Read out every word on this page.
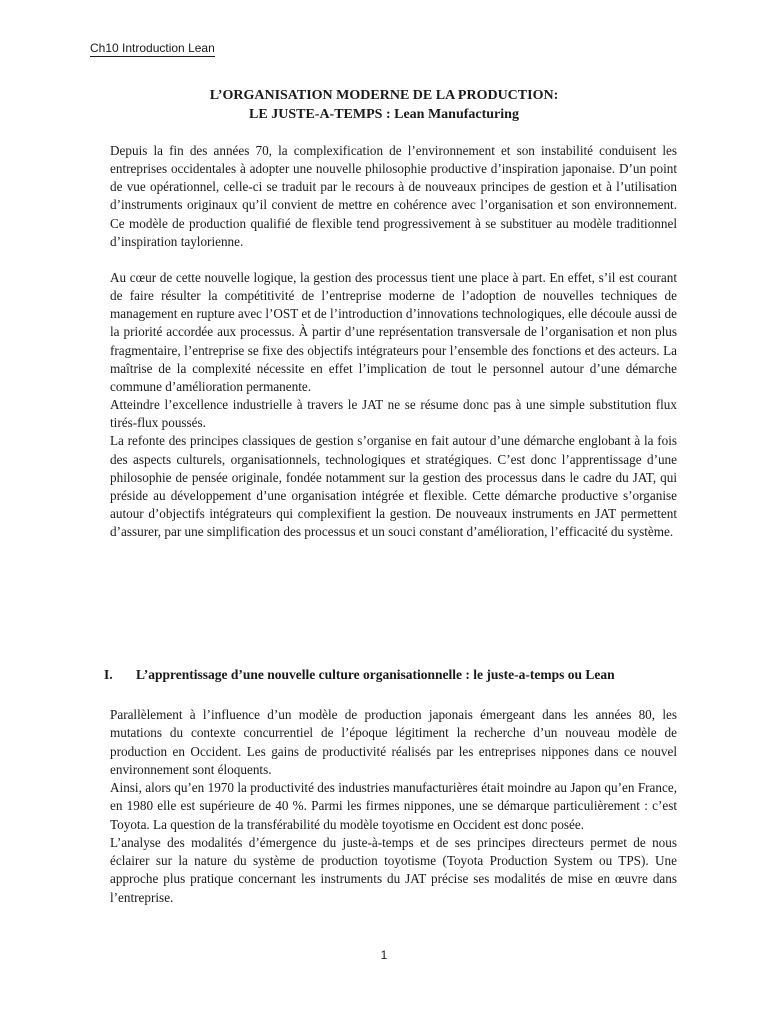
Ch10 Introduction Lean
L’ORGANISATION MODERNE DE LA PRODUCTION:
LE JUSTE-A-TEMPS : Lean Manufacturing

Depuis la fin des années 70, la complexification de l’environnement et son instabilité conduisent les entreprises occidentales à adopter une nouvelle philosophie productive d’inspiration japonaise. D’un point de vue opérationnel, celle-ci se traduit par le recours à de nouveaux principes de gestion et à l’utilisation d’instruments originaux qu’il convient de mettre en cohérence avec l’organisation et son environnement. Ce modèle de production qualifié de flexible tend progressivement à se substituer au modèle traditionnel d’inspiration taylorienne.

Au cœur de cette nouvelle logique, la gestion des processus tient une place à part. En effet, s’il est courant de faire résulter la compétitivité de l’entreprise moderne de l’adoption de nouvelles techniques de management en rupture avec l’OST et de l’introduction d’innovations technologiques, elle découle aussi de la priorité accordée aux processus. À partir d’une représentation transversale de l’organisation et non plus fragmentaire, l’entreprise se fixe des objectifs intégrateurs pour l’ensemble des fonctions et des acteurs. La maîtrise de la complexité nécessite en effet l’implication de tout le personnel autour d’une démarche commune d’amélioration permanente.

Atteindre l’excellence industrielle à travers le JAT ne se résume donc pas à une simple substitution flux tirés-flux poussés.

La refonte des principes classiques de gestion s’organise en fait autour d’une démarche englobant à la fois des aspects culturels, organisationnels, technologiques et stratégiques. C’est donc l’apprentissage d’une philosophie de pensée originale, fondée notamment sur la gestion des processus dans le cadre du JAT, qui préside au développement d’une organisation intégrée et flexible. Cette démarche productive s’organise autour d’objectifs intégrateurs qui complexifient la gestion. De nouveaux instruments en JAT permettent d’assurer, par une simplification des processus et un souci constant d’amélioration, l’efficacité du système.

I.	L’apprentissage d’une nouvelle culture organisationnelle : le juste-a-temps ou Lean

Parallèlement à l’influence d’un modèle de production japonais émergeant dans les années 80, les mutations du contexte concurrentiel de l’époque légitiment la recherche d’un nouveau modèle de production en Occident. Les gains de productivité réalisés par les entreprises nippones dans ce nouvel environnement sont éloquents.

Ainsi, alors qu’en 1970 la productivité des industries manufacturières était moindre au Japon qu’en France, en 1980 elle est supérieure de 40 %. Parmi les firmes nippones, une se démarque particulièrement : c’est Toyota. La question de la transférabilité du modèle toyotisme en Occident est donc posée.

L’analyse des modalités d’émergence du juste-à-temps et de ses principes directeurs permet de nous éclairer sur la nature du système de production toyotisme (Toyota Production System ou TPS). Une approche plus pratique concernant les instruments du JAT précise ses modalités de mise en œuvre dans l’entreprise.

1
